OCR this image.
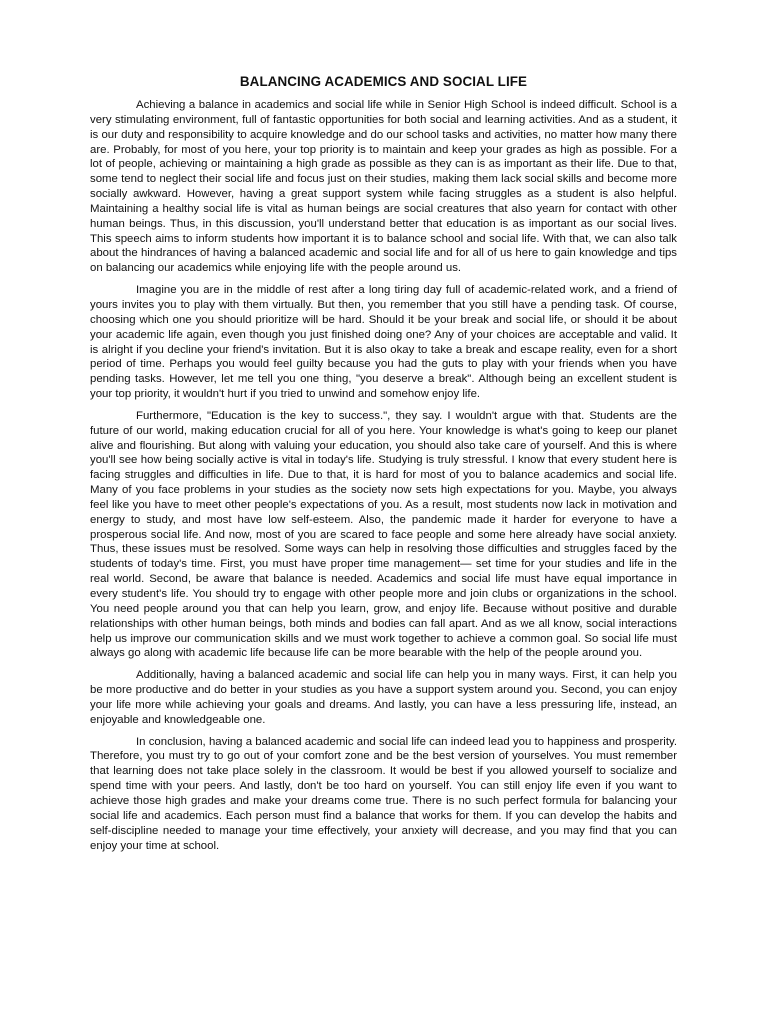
BALANCING ACADEMICS AND SOCIAL LIFE

Achieving a balance in academics and social life while in Senior High School is indeed difficult. School is a very stimulating environment, full of fantastic opportunities for both social and learning activities. And as a student, it is our duty and responsibility to acquire knowledge and do our school tasks and activities, no matter how many there are. Probably, for most of you here, your top priority is to maintain and keep your grades as high as possible. For a lot of people, achieving or maintaining a high grade as possible as they can is as important as their life. Due to that, some tend to neglect their social life and focus just on their studies, making them lack social skills and become more socially awkward. However, having a great support system while facing struggles as a student is also helpful. Maintaining a healthy social life is vital as human beings are social creatures that also yearn for contact with other human beings. Thus, in this discussion, you'll understand better that education is as important as our social lives. This speech aims to inform students how important it is to balance school and social life. With that, we can also talk about the hindrances of having a balanced academic and social life and for all of us here to gain knowledge and tips on balancing our academics while enjoying life with the people around us.

Imagine you are in the middle of rest after a long tiring day full of academic-related work, and a friend of yours invites you to play with them virtually. But then, you remember that you still have a pending task. Of course, choosing which one you should prioritize will be hard. Should it be your break and social life, or should it be about your academic life again, even though you just finished doing one? Any of your choices are acceptable and valid. It is alright if you decline your friend's invitation. But it is also okay to take a break and escape reality, even for a short period of time. Perhaps you would feel guilty because you had the guts to play with your friends when you have pending tasks. However, let me tell you one thing, "you deserve a break". Although being an excellent student is your top priority, it wouldn't hurt if you tried to unwind and somehow enjoy life.

Furthermore, "Education is the key to success.", they say. I wouldn't argue with that. Students are the future of our world, making education crucial for all of you here. Your knowledge is what's going to keep our planet alive and flourishing. But along with valuing your education, you should also take care of yourself. And this is where you'll see how being socially active is vital in today's life. Studying is truly stressful. I know that every student here is facing struggles and difficulties in life. Due to that, it is hard for most of you to balance academics and social life. Many of you face problems in your studies as the society now sets high expectations for you. Maybe, you always feel like you have to meet other people's expectations of you. As a result, most students now lack in motivation and energy to study, and most have low self-esteem. Also, the pandemic made it harder for everyone to have a prosperous social life. And now, most of you are scared to face people and some here already have social anxiety. Thus, these issues must be resolved. Some ways can help in resolving those difficulties and struggles faced by the students of today's time. First, you must have proper time management— set time for your studies and life in the real world. Second, be aware that balance is needed. Academics and social life must have equal importance in every student's life. You should try to engage with other people more and join clubs or organizations in the school. You need people around you that can help you learn, grow, and enjoy life. Because without positive and durable relationships with other human beings, both minds and bodies can fall apart. And as we all know, social interactions help us improve our communication skills and we must work together to achieve a common goal. So social life must always go along with academic life because life can be more bearable with the help of the people around you.

Additionally, having a balanced academic and social life can help you in many ways. First, it can help you be more productive and do better in your studies as you have a support system around you. Second, you can enjoy your life more while achieving your goals and dreams. And lastly, you can have a less pressuring life, instead, an enjoyable and knowledgeable one.

In conclusion, having a balanced academic and social life can indeed lead you to happiness and prosperity. Therefore, you must try to go out of your comfort zone and be the best version of yourselves. You must remember that learning does not take place solely in the classroom. It would be best if you allowed yourself to socialize and spend time with your peers. And lastly, don't be too hard on yourself. You can still enjoy life even if you want to achieve those high grades and make your dreams come true. There is no such perfect formula for balancing your social life and academics. Each person must find a balance that works for them. If you can develop the habits and self-discipline needed to manage your time effectively, your anxiety will decrease, and you may find that you can enjoy your time at school.
